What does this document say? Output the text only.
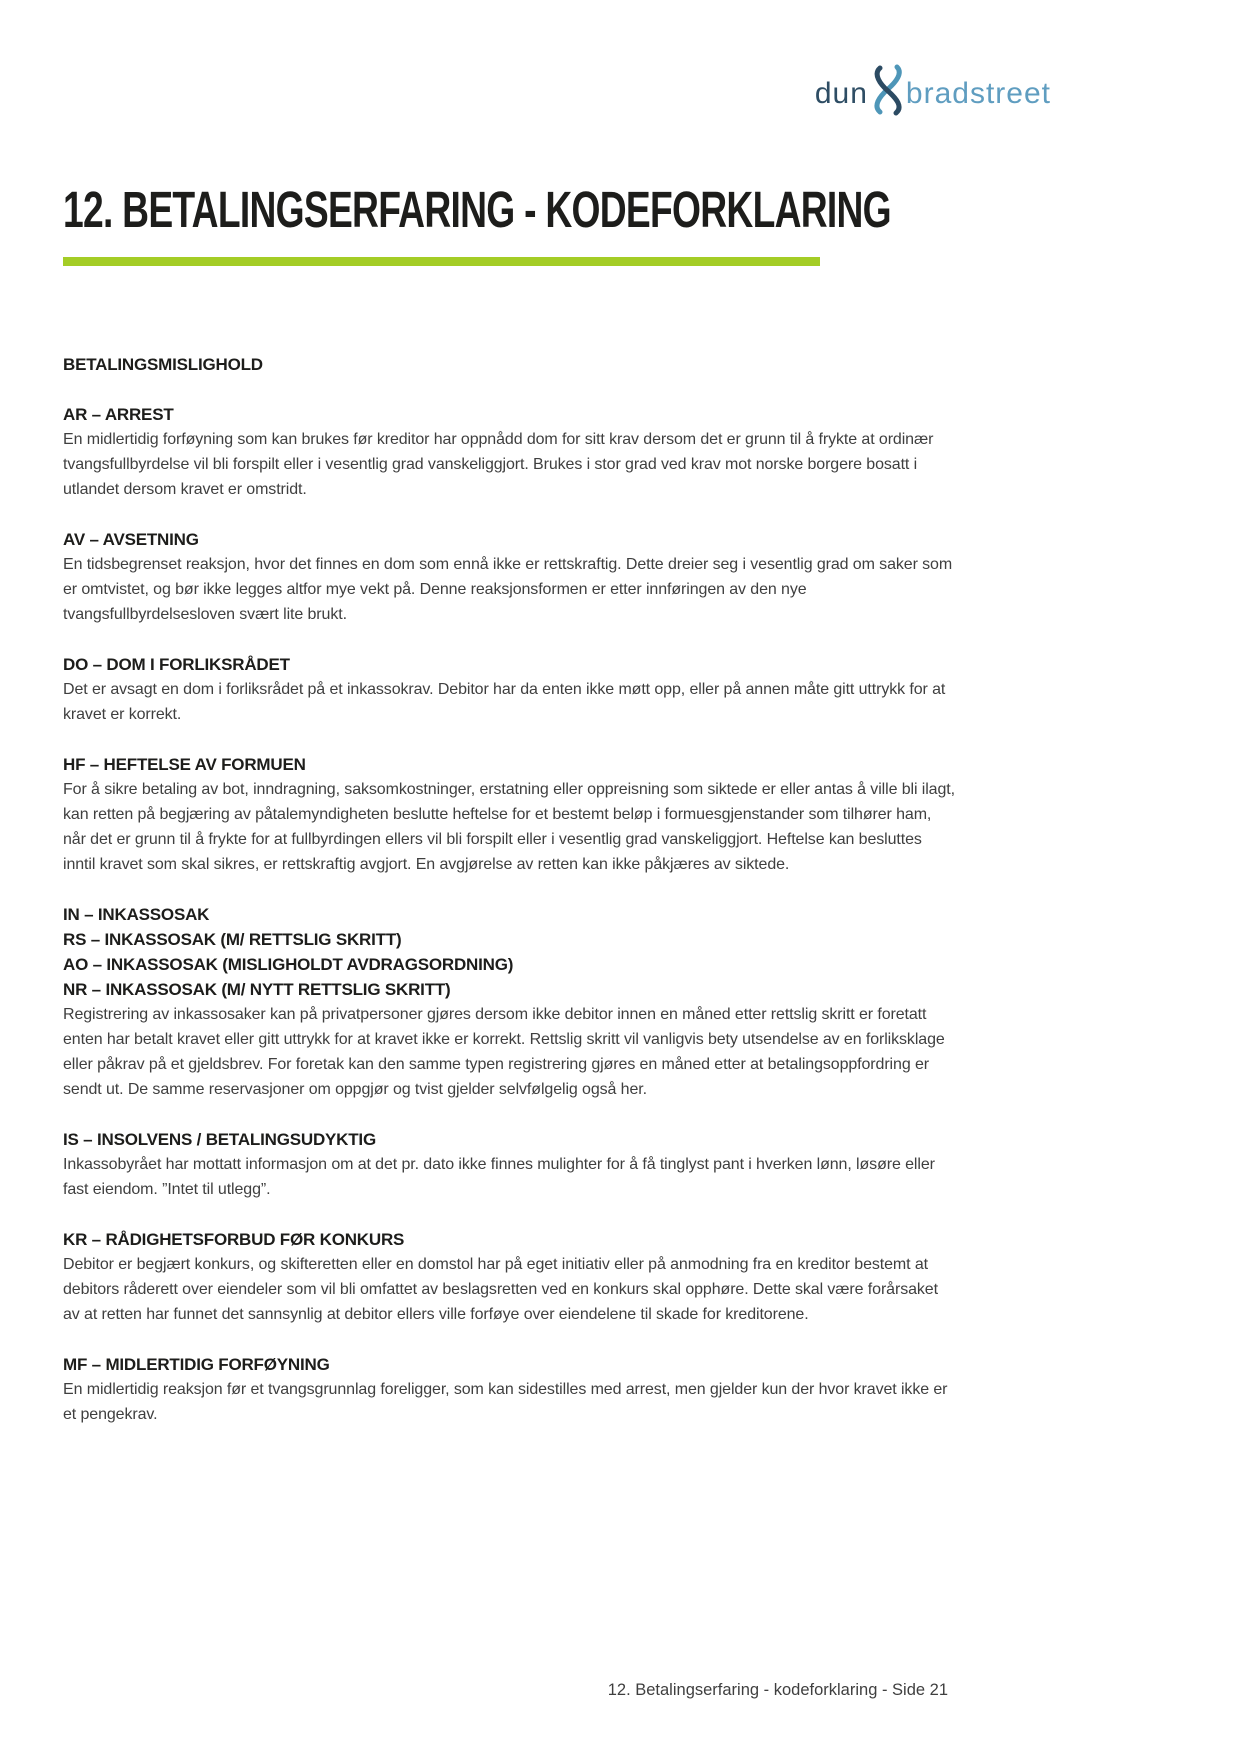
dun bradstreet
12. BETALINGSERFARING - KODEFORKLARING
BETALINGSMISLIGHOLD
AR – ARREST

En midlertidig forføyning som kan brukes før kreditor har oppnådd dom for sitt krav dersom det er grunn til å frykte at ordinær tvangsfullbyrdelse vil bli forspilt eller i vesentlig grad vanskeliggjort. Brukes i stor grad ved krav mot norske borgere bosatt i utlandet dersom kravet er omstridt.

AV – AVSETNING

En tidsbegrenset reaksjon, hvor det finnes en dom som ennå ikke er rettskraftig. Dette dreier seg i vesentlig grad om saker som er omtvistet, og bør ikke legges altfor mye vekt på. Denne reaksjonsformen er etter innføringen av den nye tvangsfullbyrdelsesloven svært lite brukt.

DO – DOM I FORLIKSRÅDET

Det er avsagt en dom i forliksrådet på et inkassokrav. Debitor har da enten ikke møtt opp, eller på annen måte gitt uttrykk for at kravet er korrekt.

HF – HEFTELSE AV FORMUEN

For å sikre betaling av bot, inndragning, saksomkostninger, erstatning eller oppreisning som siktede er eller antas å ville bli ilagt, kan retten på begjæring av påtalemyndigheten beslutte heftelse for et bestemt beløp i formuesgjenstander som tilhører ham, når det er grunn til å frykte for at fullbyrdingen ellers vil bli forspilt eller i vesentlig grad vanskeliggjort. Heftelse kan besluttes inntil kravet som skal sikres, er rettskraftig avgjort. En avgjørelse av retten kan ikke påkjæres av siktede.

IN – INKASSOSAK
RS – INKASSOSAK (M/ RETTSLIG SKRITT)
AO – INKASSOSAK (MISLIGHOLDT AVDRAGSORDNING)
NR – INKASSOSAK (M/ NYTT RETTSLIG SKRITT)

Registrering av inkassosaker kan på privatpersoner gjøres dersom ikke debitor innen en måned etter rettslig skritt er foretatt enten har betalt kravet eller gitt uttrykk for at kravet ikke er korrekt. Rettslig skritt vil vanligvis bety utsendelse av en forliksklage eller påkrav på et gjeldsbrev. For foretak kan den samme typen registrering gjøres en måned etter at betalingsoppfordring er sendt ut. De samme reservasjoner om oppgjør og tvist gjelder selvfølgelig også her.

IS – INSOLVENS / BETALINGSUDYKTIG

Inkassobyrået har mottatt informasjon om at det pr. dato ikke finnes mulighter for å få tinglyst pant i hverken lønn, løsøre eller fast eiendom. ”Intet til utlegg”.

KR – RÅDIGHETSFORBUD FØR KONKURS

Debitor er begjært konkurs, og skifteretten eller en domstol har på eget initiativ eller på anmodning fra en kreditor bestemt at debitors råderett over eiendeler som vil bli omfattet av beslagsretten ved en konkurs skal opphøre. Dette skal være forårsaket av at retten har funnet det sannsynlig at debitor ellers ville forføye over eiendelene til skade for kreditorene.

MF – MIDLERTIDIG FORFØYNING

En midlertidig reaksjon før et tvangsgrunnlag foreligger, som kan sidestilles med arrest, men gjelder kun der hvor kravet ikke er et pengekrav.

12. Betalingserfaring - kodeforklaring - Side 21
